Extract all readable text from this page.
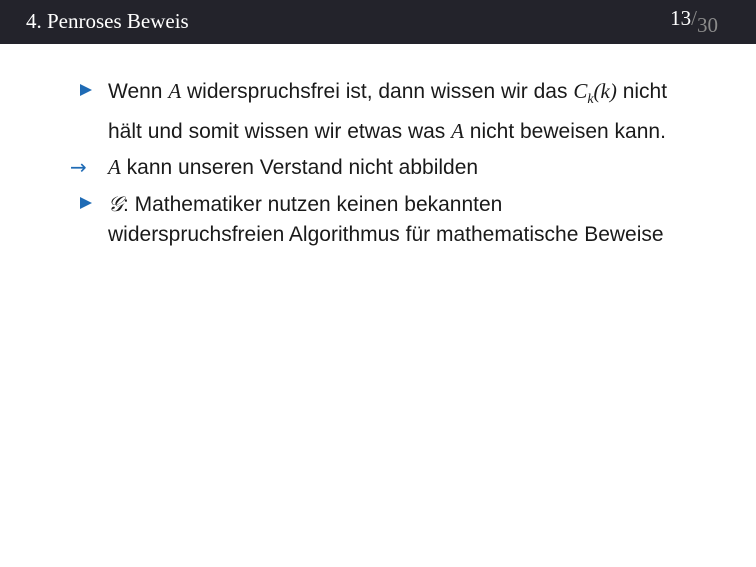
4. Penroses Beweis	13/30
Wenn A widerspruchsfrei ist, dann wissen wir das $C_k(k)$ nicht hält und somit wissen wir etwas was A nicht beweisen kann.
→ A kann unseren Verstand nicht abbilden
𝒢: Mathematiker nutzen keinen bekannten widerspruchsfreien Algorithmus für mathematische Beweise
